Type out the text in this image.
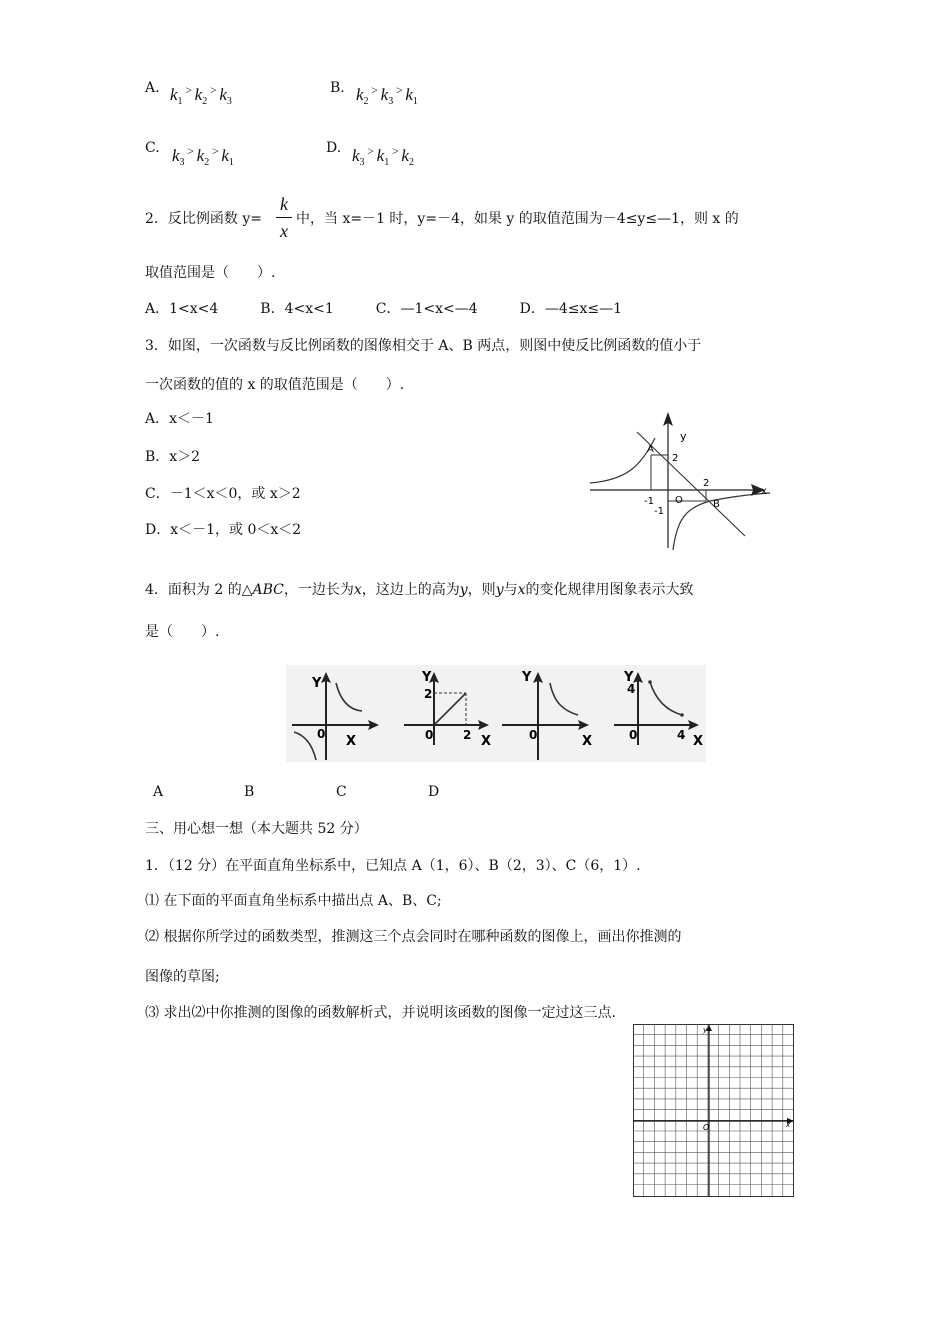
A. $k_1^>$ $k_2^>$ $k_3$
B. $k_2^>$ $k_3^>$ $k_1$
C. $k_3^>$ $k_2^>$ $k_1$
D. $k_3^>$ $k_1^>$ $k_2$
2．反比例函数 y=
k
x
中，当 x=－1 时，y=－4，如果 y 的取值范围为－4≤y≤—1，则 x 的
取值范围是（　　）.
A．1<x<4　　　B．4<x<1　　　C．—1<x<—4　　　D．—4≤x≤—1
3．如图，一次函数与反比例函数的图像相交于 A、B 两点，则图中使反比例函数的值小于
一次函数的值的 x 的取值范围是（　　）.
A．x＜－1
B．x＞2
C．－1＜x＜0，或 x＞2
D．x＜－1，或 0＜x＜2
y
x
O
A
B
2
2
-1
-1
4．面积为 2 的△ABC，一边长为x，这边上的高为y，则y与x的变化规律用图象表示大致
是（　　）.
Y
0 X
Y
2
0 2 X
Y
0	X
Y
4
0	4 X
A	B	C	D
三、用心想一想（本大题共 52 分）
1．（12 分）在平面直角坐标系中，已知点 A（1，6）、B（2，3）、C（6，1）.
⑴ 在下面的平面直角坐标系中描出点 A、B、C;
⑵ 根据你所学过的函数类型，推测这三个点会同时在哪种函数的图像上，画出你推测的
图像的草图;
⑶ 求出⑵中你推测的图像的函数解析式，并说明该函数的图像一定过这三点.
y
x
O
